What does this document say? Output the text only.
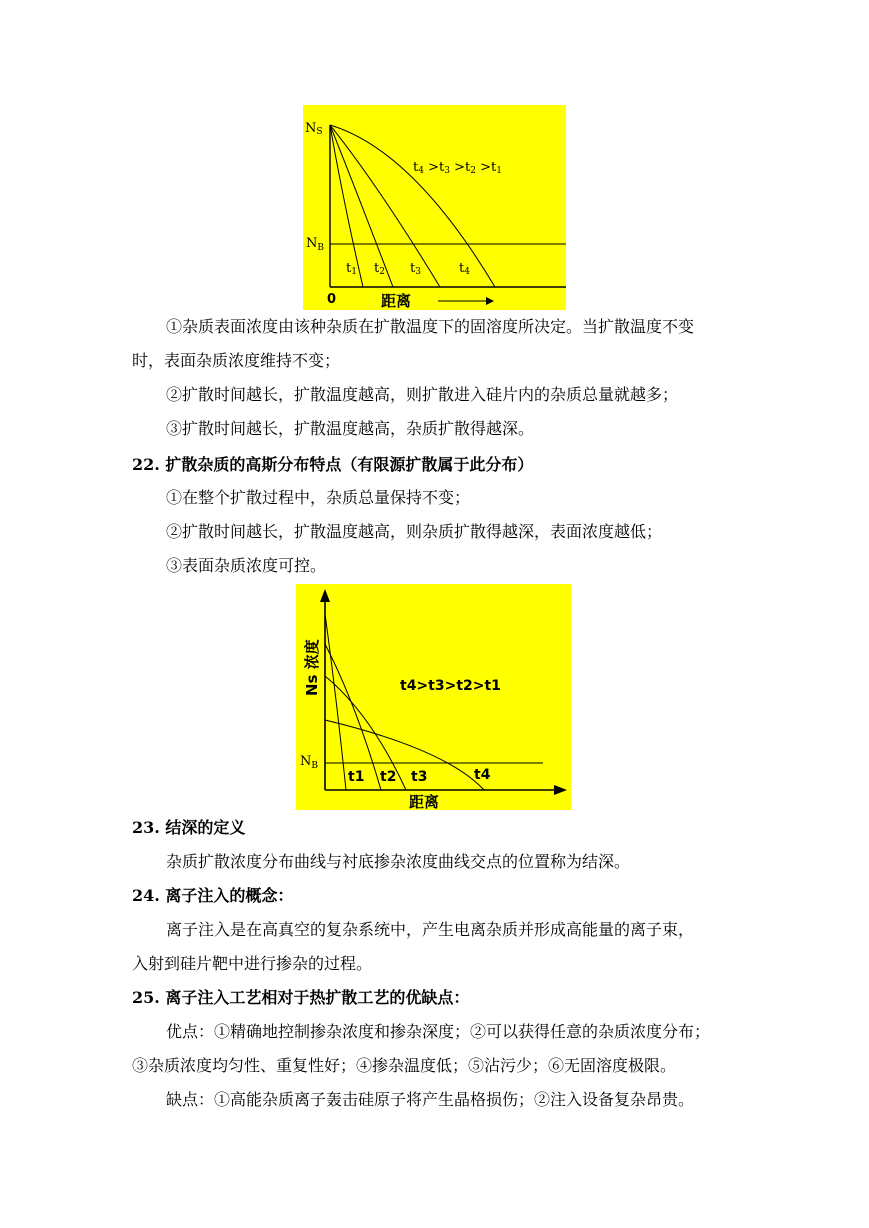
NS
$N_B$
t4 >t3 >t2 >t1
t1 t2 t3	t4
0	距离
①杂质表面浓度由该种杂质在扩散温度下的固溶度所决定。当扩散温度不变
时，表面杂质浓度维持不变；
②扩散时间越长，扩散温度越高，则扩散进入硅片内的杂质总量就越多；
③扩散时间越长，扩散温度越高，杂质扩散得越深。
22. 扩散杂质的高斯分布特点（有限源扩散属于此分布）
①在整个扩散过程中，杂质总量保持不变；
②扩散时间越长，扩散温度越高，则杂质扩散得越深，表面浓度越低；
③表面杂质浓度可控。
Ns 浓度
$N_B$
t4>t3>t2>t1
t1 t2 t3	t4
距离
23. 结深的定义
杂质扩散浓度分布曲线与衬底掺杂浓度曲线交点的位置称为结深。
24. 离子注入的概念：
离子注入是在高真空的复杂系统中，产生电离杂质并形成高能量的离子束，
入射到硅片靶中进行掺杂的过程。
25. 离子注入工艺相对于热扩散工艺的优缺点：
优点：①精确地控制掺杂浓度和掺杂深度；②可以获得任意的杂质浓度分布；
③杂质浓度均匀性、重复性好；④掺杂温度低；⑤沾污少；⑥无固溶度极限。
缺点：①高能杂质离子轰击硅原子将产生晶格损伤；②注入设备复杂昂贵。
